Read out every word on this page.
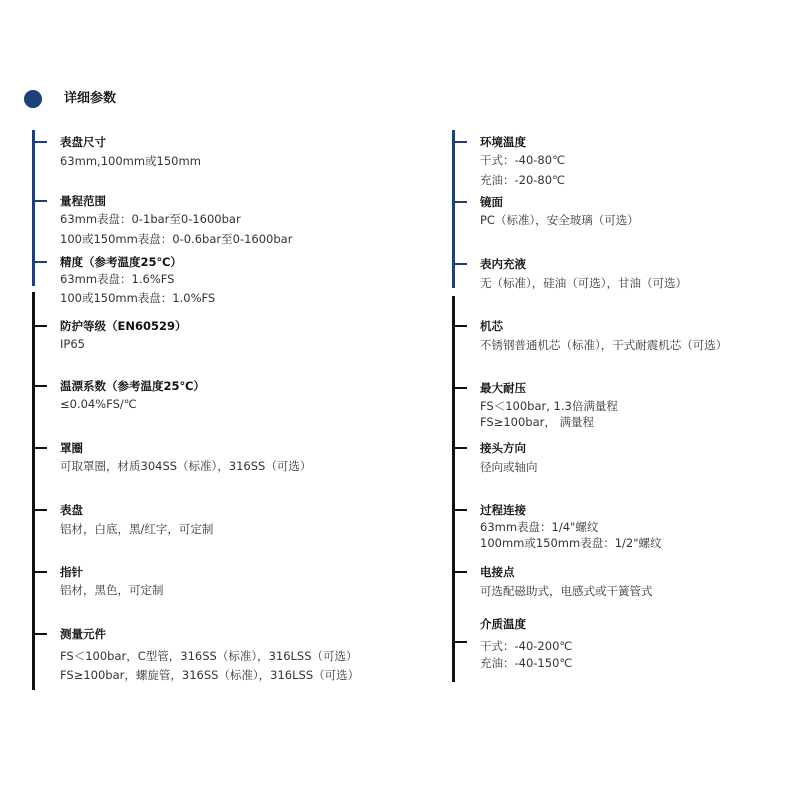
详细参数
表盘尺寸
63mm,100mm或150mm
量程范围
63mm表盘：0-1bar至0-1600bar
100或150mm表盘：0-0.6bar至0-1600bar
精度（参考温度25℃）
63mm表盘：1.6%FS
100或150mm表盘：1.0%FS
防护等级（EN60529）
IP65
温漂系数（参考温度25℃）
≤0.04%FS/℃
罩圈
可取罩圈，材质304SS（标准），316SS（可选）
表盘
铝材，白底，黑/红字，可定制
指针
铝材，黑色，可定制
测量元件
FS＜100bar，C型管，316SS（标准），316LSS（可选）
FS≥100bar，螺旋管，316SS（标准），316LSS（可选）
环境温度
干式：-40-80℃
充油：-20-80℃
镜面
PC（标准），安全玻璃（可选）
表内充液
无（标准），硅油（可选），甘油（可选）
机芯
不锈钢普通机芯（标准），干式耐震机芯（可选）
最大耐压
FS＜100bar, 1.3倍满量程
FS≥100bar， 满量程
接头方向
径向或轴向
过程连接
63mm表盘：1/4"螺纹
100mm或150mm表盘：1/2"螺纹
电接点
可选配磁助式，电感式或干簧管式
介质温度
干式：-40-200℃
充油：-40-150℃
